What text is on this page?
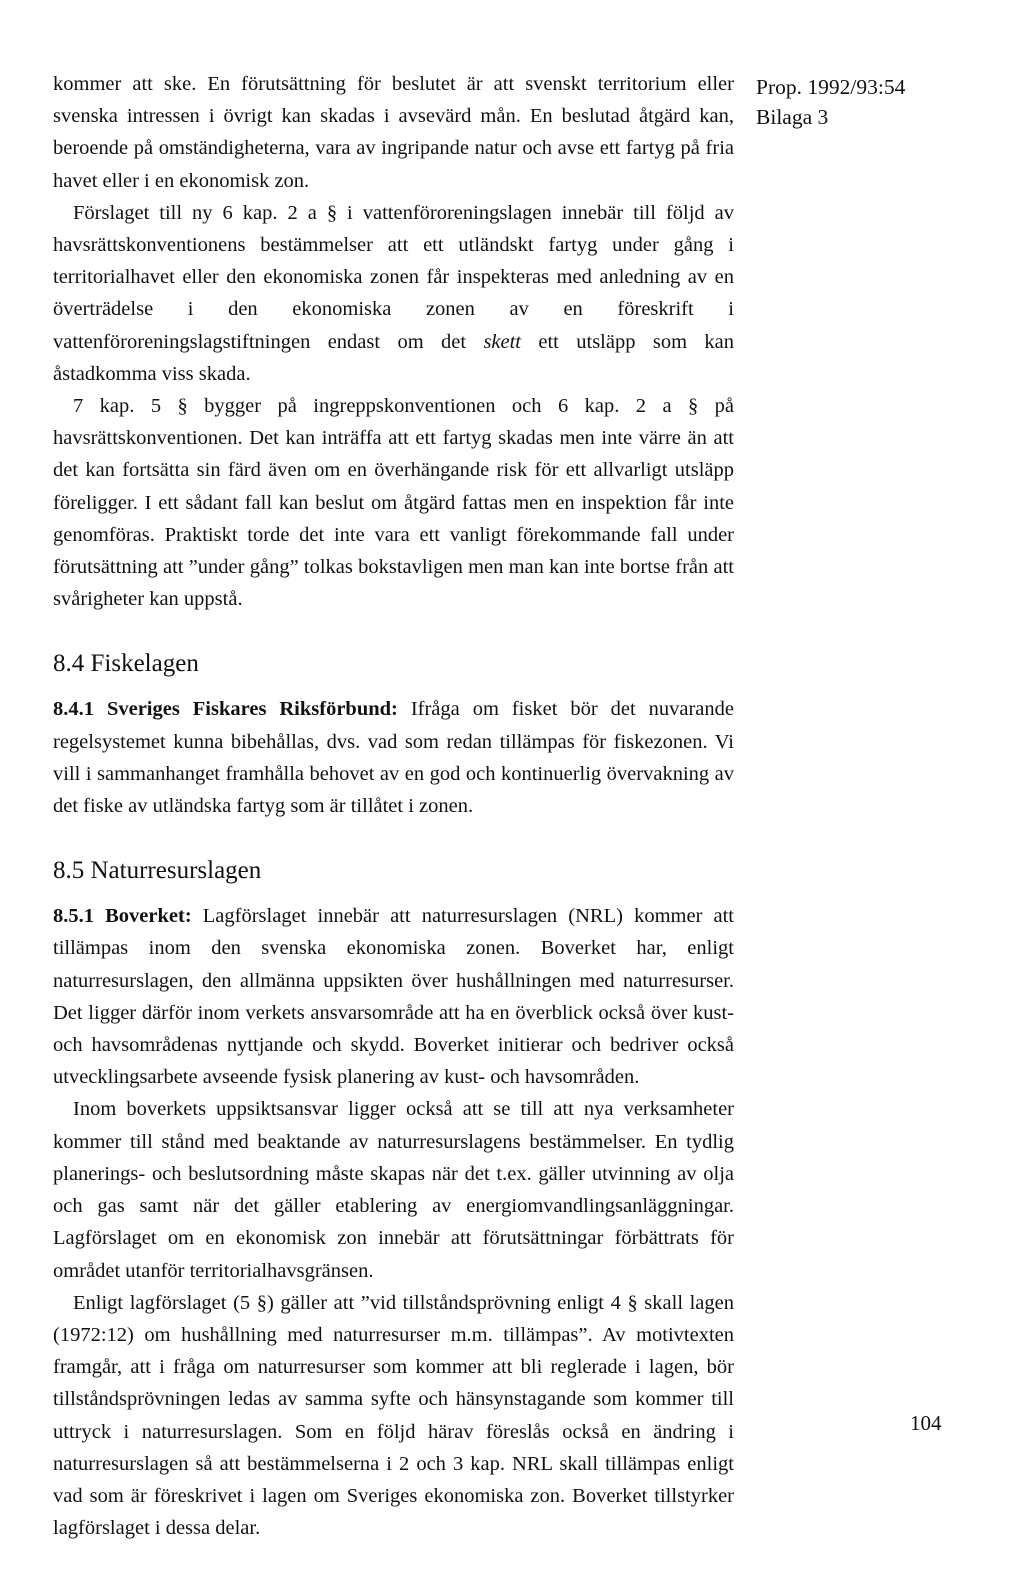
kommer att ske. En förutsättning för beslutet är att svenskt territorium eller svenska intressen i övrigt kan skadas i avsevärd mån. En beslutad åtgärd kan, beroende på omständigheterna, vara av ingripande natur och avse ett fartyg på fria havet eller i en ekonomisk zon.

Förslaget till ny 6 kap. 2 a § i vattenföroreningslagen innebär till följd av havsrättskonventionens bestämmelser att ett utländskt fartyg under gång i territorialhavet eller den ekonomiska zonen får inspekteras med anledning av en överträdelse i den ekonomiska zonen av en föreskrift i vattenföroreningslagstiftningen endast om det skett ett utsläpp som kan åstadkomma viss skada.

7 kap. 5 § bygger på ingreppskonventionen och 6 kap. 2 a § på havsrättskonventionen. Det kan inträffa att ett fartyg skadas men inte värre än att det kan fortsätta sin färd även om en överhängande risk för ett allvarligt utsläpp föreligger. I ett sådant fall kan beslut om åtgärd fattas men en inspektion får inte genomföras. Praktiskt torde det inte vara ett vanligt förekommande fall under förutsättning att ”under gång” tolkas bokstavligen men man kan inte bortse från att svårigheter kan uppstå.

8.4 Fiskelagen

8.4.1 Sveriges Fiskares Riksförbund: Ifråga om fisket bör det nuvarande regelsystemet kunna bibehållas, dvs. vad som redan tillämpas för fiskezonen. Vi vill i sammanhanget framhålla behovet av en god och kontinuerlig övervakning av det fiske av utländska fartyg som är tillåtet i zonen.

8.5 Naturresurslagen

8.5.1 Boverket: Lagförslaget innebär att naturresurslagen (NRL) kommer att tillämpas inom den svenska ekonomiska zonen. Boverket har, enligt naturresurslagen, den allmänna uppsikten över hushållningen med naturresurser. Det ligger därför inom verkets ansvarsområde att ha en överblick också över kust- och havsområdenas nyttjande och skydd. Boverket initierar och bedriver också utvecklingsarbete avseende fysisk planering av kust- och havsområden.

Inom boverkets uppsiktsansvar ligger också att se till att nya verksamheter kommer till stånd med beaktande av naturresurslagens bestämmelser. En tydlig planerings- och beslutsordning måste skapas när det t.ex. gäller utvinning av olja och gas samt när det gäller etablering av energiomvandlingsanläggningar. Lagförslaget om en ekonomisk zon innebär att förutsättningar förbättrats för området utanför territorialhavsgränsen.

Enligt lagförslaget (5 §) gäller att ”vid tillståndsprövning enligt 4 § skall lagen (1972:12) om hushållning med naturresurser m.m. tillämpas”. Av motivtexten framgår, att i fråga om naturresurser som kommer att bli reglerade i lagen, bör tillståndsprövningen ledas av samma syfte och hänsynstagande som kommer till uttryck i naturresurslagen. Som en följd härav föreslås också en ändring i naturresurslagen så att bestämmelserna i 2 och 3 kap. NRL skall tillämpas enligt vad som är föreskrivet i lagen om Sveriges ekonomiska zon. Boverket tillstyrker lagförslaget i dessa delar.

Prop. 1992/93:54
Bilaga 3
104
